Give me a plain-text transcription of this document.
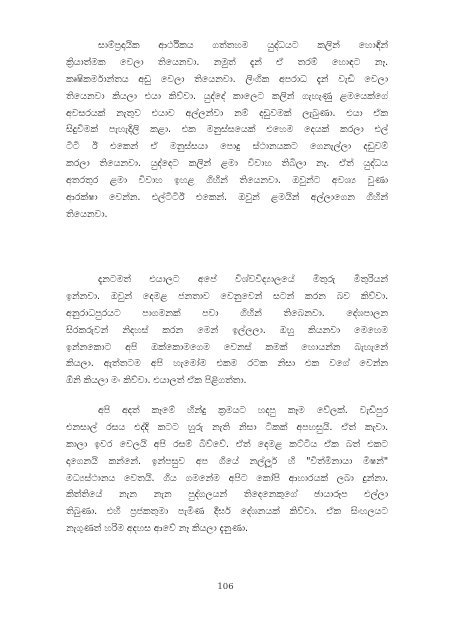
සාම්ප්‍රදායික ආර්ථිකය ගත්තහම යුද්ධයට කලින් හොඳින්
ක්‍රියාත්මක වෙලා තියෙනවා. නමුත් දැන් ඒ තරම් හොඳට නෑ.
කෘෂිකර්මාන්තය අඩු වෙලා තියෙනවා. ලිංගික අපරාධ දැන් වැඩි වෙලා
තියෙනවා කියලා එයා කිව්වා. යුද්දේ කාලෙට කලින් ගැහැණු ළමයෙක්ගේ
අවසරයක් නැතුව එයාව අල්ලන්වා නම් දඩුවමක් ලැබුණා. එයා ඒක
සිදුවීමක් පැහැදිලි කළා. එක මනුස්සයෙක් එහෙම දෙයක් කරලා එල්
ටීටී ඊ එකෙන් ඒ මනුස්සයා පොදු ස්ථානයකට ගෙනැල්ලා දඩුවම්
කරලා තියෙනවා. යුද්දෙට කලින් ළමා විවාහ තිබිලා නෑ. ඒත් යුද්ධය
අතරතුර ළමා විවාහ ඉහළ ගිහින් තියෙනවා. ඔවුන්ට අවශ්‍ය වුණා
ආරක්ෂා වෙන්න. එල්ටීටීඊ එකෙන්. ඔවුන් ළමයින් අල්ලාගෙන ගිහින්
තියෙනවා.
දැනටමත් එයාලට අපේ විශ්වවිද්‍යාලයේ මිතුරු මිතුරියන්
ඉන්නවා. ඔවුන් දෙමළ ජනතාව වෙනුවෙන් සටන් කරන බව කිව්වා.
අනුරාධපුරයට පාගමනක් පවා ගිහින් තිබෙනවා. දේශපාලන
සිරකරුවන් නිදහස් කරන මෙන් ඉල්ලලා. ඔහු කියනවා මෙහෙම
ඉන්නකොට අපි ඔක්කොමගෙම වෙනස් කමක් හොයන්න බැහැනේ
කියලා. ඇත්තටම අපි හැමෝම එකම රටක නිසා එක වගේ වෙන්න
ඕනි කියලා මං කිව්වා. එයාලත් ඒක පිළිගත්තා.
අපි අදත් කෑමේ හින්දු ක්‍රමයට හදපු කෑම වේලක්. වැඩිපුර
එනසාල් රසය එද්දි කටට හුරු නැති නිසා ටිකක් අපහසුයි. ඒත් කැවා.
කාලා ඉවර වෙලයි අපි රසම් බිව්වේ. ඒත් දෙමළ කට්ටිය ඒක බත් එකට
දාගෙනයි කන්නේ. ඉන්පසුව අප ගියේ නල්ලූර් හි "විත්මිනායා මිෂන්"
මධ්‍යස්ථානය වෙතයි. ගිය ගමනේම අපිට කෝපි ආහාරයක් ලබා දුන්නා.
කිත්තියේ නැන නැන පුද්ගලයන් තිදෙනෙකුගේ ඡායාරූප එල්ලා
තිබුණා. එහි ප්‍රජකතුමා පැමිණ දීර්ඝ දේශනයක් කිව්වා. ඒක සිංහලයට
නැගුණත් හරිම අදහස ආවේ නෑ කියලා දැනුණා.
106
